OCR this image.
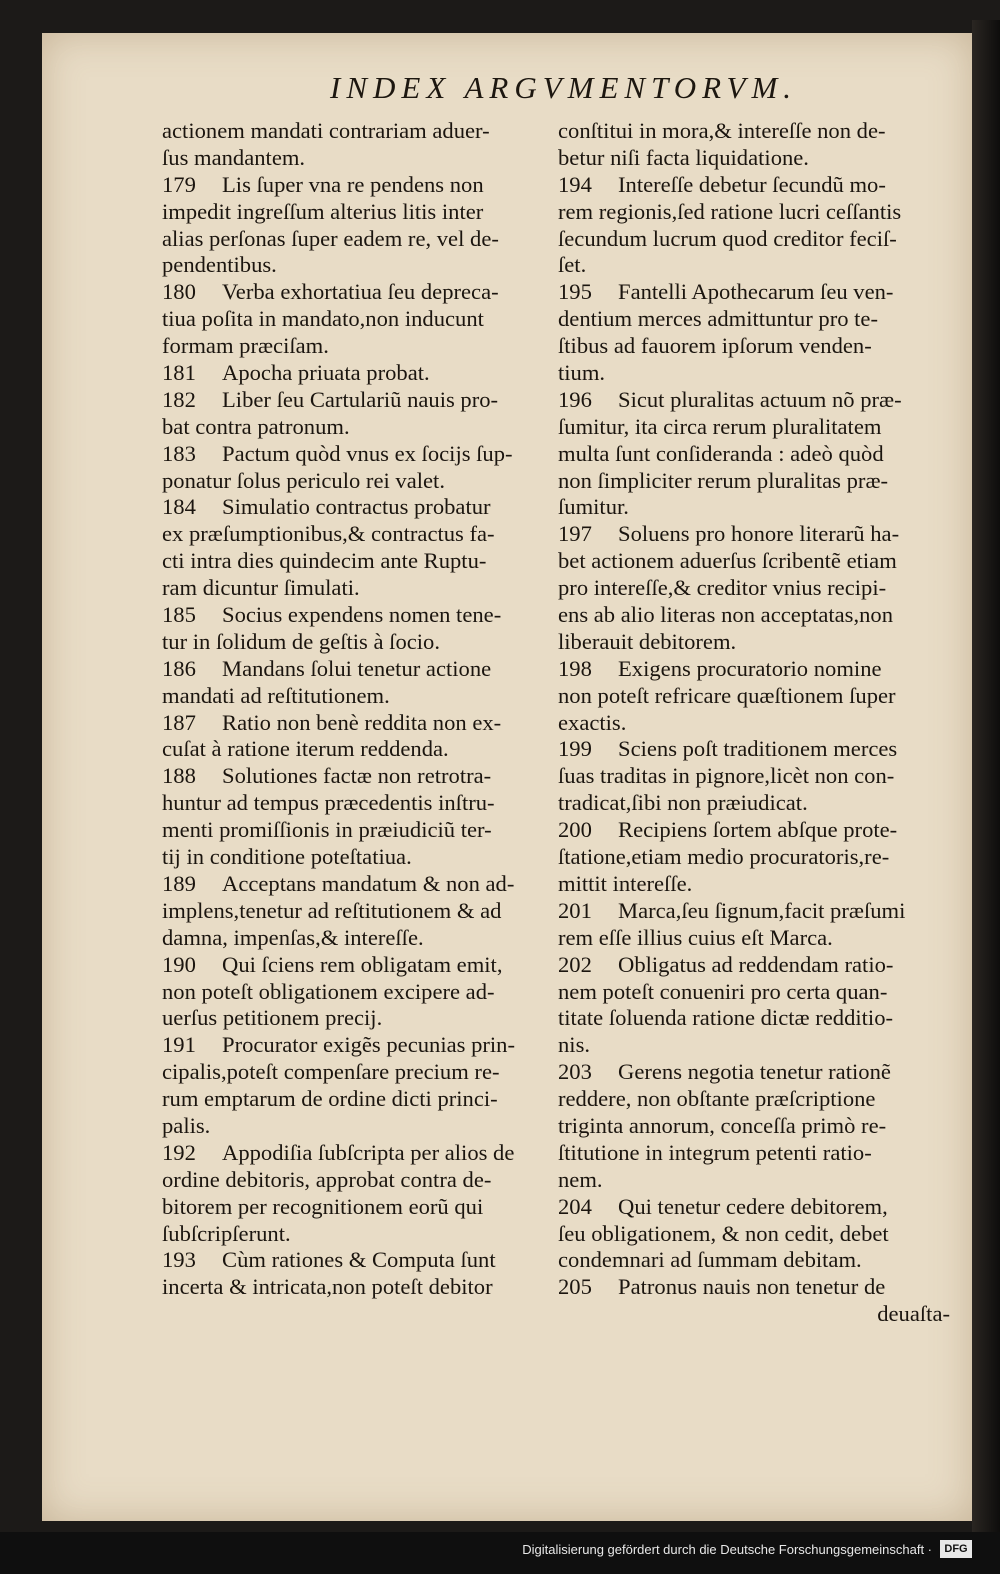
INDEX ARGVMENTORVM.
actionem mandati contrariam aduer-
ſus mandantem.
179 Lis ſuper vna re pendens non
impedit ingreſſum alterius litis inter
alias perſonas ſuper eadem re, vel de-
pendentibus.
180 Verba exhortatiua ſeu depreca-
tiua poſita in mandato,non inducunt
formam præciſam.
181 Apocha priuata probat.
182 Liber ſeu Cartulariũ nauis pro-
bat contra patronum.
183 Pactum quòd vnus ex ſocijs ſup-
ponatur ſolus periculo rei valet.
184 Simulatio contractus probatur
ex præſumptionibus,& contractus fa-
cti intra dies quindecim ante Ruptu-
ram dicuntur ſimulati.
185 Socius expendens nomen tene-
tur in ſolidum de geſtis à ſocio.
186 Mandans ſolui tenetur actione
mandati ad reſtitutionem.
187 Ratio non benè reddita non ex-
cuſat à ratione iterum reddenda.
188 Solutiones factæ non retrotra-
huntur ad tempus præcedentis inſtru-
menti promiſſionis in præiudiciũ ter-
tij in conditione poteſtatiua.
189 Acceptans mandatum & non ad-
implens,tenetur ad reſtitutionem & ad
damna, impenſas,& intereſſe.
190 Qui ſciens rem obligatam emit,
non poteſt obligationem excipere ad-
uerſus petitionem precij.
191 Procurator exigẽs pecunias prin-
cipalis,poteſt compenſare precium re-
rum emptarum de ordine dicti princi-
palis.
192 Appodiſia ſubſcripta per alios de
ordine debitoris, approbat contra de-
bitorem per recognitionem eorũ qui
ſubſcripſerunt.
193 Cùm rationes & Computa ſunt
incerta & intricata,non poteſt debitor
conſtitui in mora,& intereſſe non de-
betur niſi facta liquidatione.
194 Intereſſe debetur ſecundũ mo-
rem regionis,ſed ratione lucri ceſſantis
ſecundum lucrum quod creditor feciſ-
ſet.
195 Fantelli Apothecarum ſeu ven-
dentium merces admittuntur pro te-
ſtibus ad fauorem ipſorum venden-
tium.
196 Sicut pluralitas actuum nõ præ-
ſumitur, ita circa rerum pluralitatem
multa ſunt conſideranda : adeò quòd
non ſimpliciter rerum pluralitas præ-
ſumitur.
197 Soluens pro honore literarũ ha-
bet actionem aduerſus ſcribentẽ etiam
pro intereſſe,& creditor vnius recipi-
ens ab alio literas non acceptatas,non
liberauit debitorem.
198 Exigens procuratorio nomine
non poteſt refricare quæſtionem ſuper
exactis.
199 Sciens poſt traditionem merces
ſuas traditas in pignore,licèt non con-
tradicat,ſibi non præiudicat.
200 Recipiens ſortem abſque prote-
ſtatione,etiam medio procuratoris,re-
mittit intereſſe.
201 Marca,ſeu ſignum,facit præſumi
rem eſſe illius cuius eſt Marca.
202 Obligatus ad reddendam ratio-
nem poteſt conueniri pro certa quan-
titate ſoluenda ratione dictæ redditio-
nis.
203 Gerens negotia tenetur rationẽ
reddere, non obſtante præſcriptione
triginta annorum, conceſſa primò re-
ſtitutione in integrum petenti ratio-
nem.
204 Qui tenetur cedere debitorem,
ſeu obligationem, & non cedit, debet
condemnari ad ſummam debitam.
205 Patronus nauis non tenetur de
deuaſta-
Digitalisierung gefördert durch die Deutsche Forschungsgemeinschaft ·	DFG
